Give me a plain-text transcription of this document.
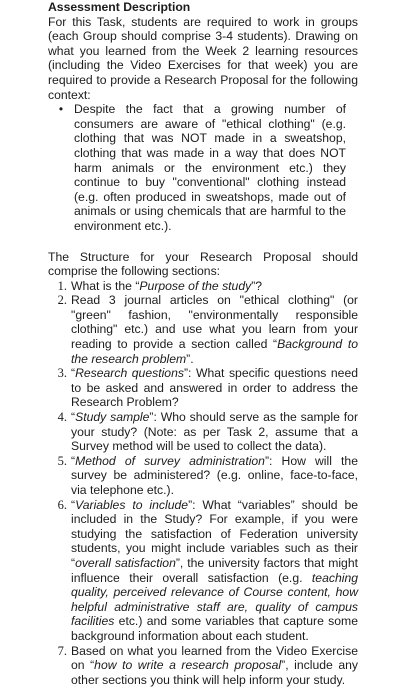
Assessment Description

For this Task, students are required to work in groups (each Group should comprise 3-4 students). Drawing on what you learned from the Week 2 learning resources (including the Video Exercises for that week) you are required to provide a Research Proposal for the following context:

• Despite the fact that a growing number of consumers are aware of "ethical clothing" (e.g. clothing that was NOT made in a sweatshop, clothing that was made in a way that does NOT harm animals or the environment etc.) they continue to buy "conventional" clothing instead (e.g. often produced in sweatshops, made out of animals or using chemicals that are harmful to the environment etc.).

The Structure for your Research Proposal should comprise the following sections:

1. What is the “Purpose of the study”?
2. Read 3 journal articles on "ethical clothing" (or "green" fashion, "environmentally responsible clothing" etc.) and use what you learn from your reading to provide a section called “Background to the research problem”.
3. “Research questions”: What specific questions need to be asked and answered in order to address the Research Problem?
4. “Study sample”: Who should serve as the sample for your study? (Note: as per Task 2, assume that a Survey method will be used to collect the data).
5. “Method of survey administration”: How will the survey be administered? (e.g. online, face-to-face, via telephone etc.).
6. “Variables to include”: What “variables” should be included in the Study? For example, if you were studying the satisfaction of Federation university students, you might include variables such as their “overall satisfaction”, the university factors that might influence their overall satisfaction (e.g. teaching quality, perceived relevance of Course content, how helpful administrative staff are, quality of campus facilities etc.) and some variables that capture some background information about each student.
7. Based on what you learned from the Video Exercise on “how to write a research proposal”, include any other sections you think will help inform your study.
